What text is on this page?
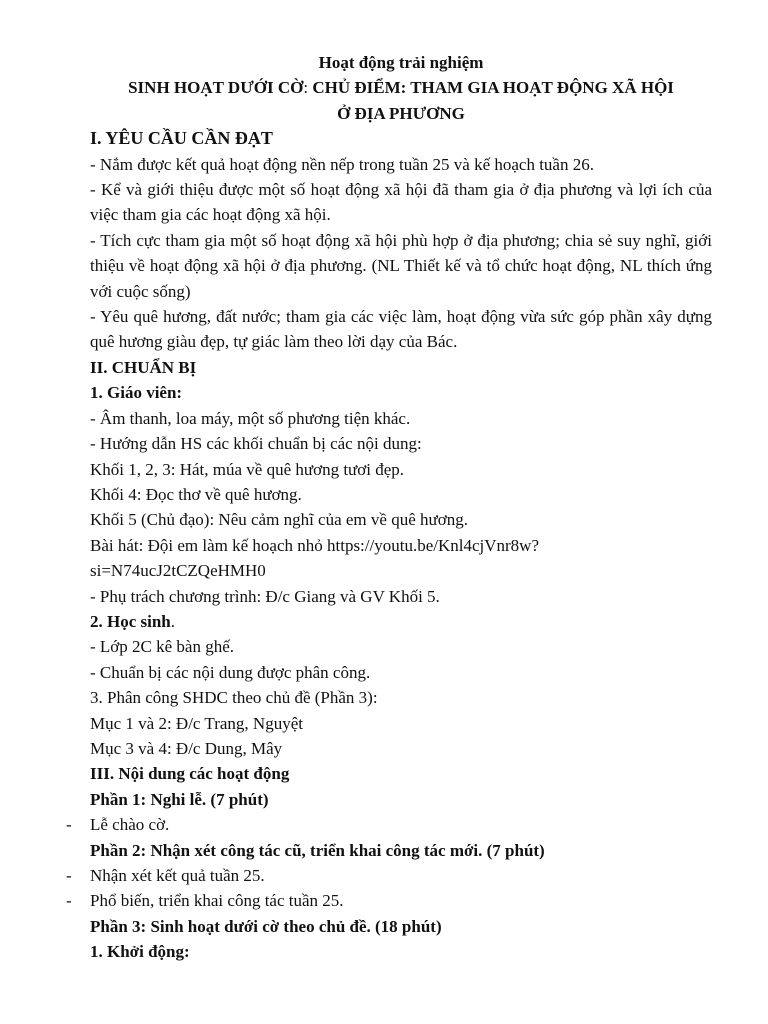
Hoạt động trải nghiệm
SINH HOẠT DƯỚI CỜ: CHỦ ĐIỂM: THAM GIA HOẠT ĐỘNG XÃ HỘI
Ở ĐỊA PHƯƠNG
I. YÊU CẦU CẦN ĐẠT
- Nắm được kết quả hoạt động nền nếp trong tuần 25 và kế hoạch tuần 26.
- Kể và giới thiệu được một số hoạt động xã hội đã tham gia ở địa phương và lợi ích của việc tham gia các hoạt động xã hội.
- Tích cực tham gia một số hoạt động xã hội phù hợp ở địa phương; chia sẻ suy nghĩ, giới thiệu về hoạt động xã hội ở địa phương. (NL Thiết kế và tổ chức hoạt động, NL thích ứng với cuộc sống)
- Yêu quê hương, đất nước; tham gia các việc làm, hoạt động vừa sức góp phần xây dựng quê hương giàu đẹp, tự giác làm theo lời dạy của Bác.
II. CHUẨN BỊ
1. Giáo viên:
- Âm thanh, loa máy, một số phương tiện khác.
- Hướng dẫn HS các khối chuẩn bị các nội dung:
Khối 1, 2, 3: Hát, múa về quê hương tươi đẹp.
Khối 4: Đọc thơ về quê hương.
Khối 5 (Chủ đạo): Nêu cảm nghĩ của em về quê hương.
Bài hát: Đội em làm kế hoạch nhỏ https://youtu.be/Knl4cjVnr8w?
si=N74ucJ2tCZQeHMH0
- Phụ trách chương trình: Đ/c Giang và GV Khối 5.
2. Học sinh.
- Lớp 2C kê bàn ghế.
- Chuẩn bị các nội dung được phân công.
3. Phân công SHDC theo chủ đề (Phần 3):
Mục 1 và 2: Đ/c Trang, Nguyệt
Mục 3 và 4: Đ/c Dung, Mây
III. Nội dung các hoạt động
Phần 1: Nghi lễ. (7 phút)
- Lễ chào cờ.
Phần 2: Nhận xét công tác cũ, triển khai công tác mới. (7 phút)
- Nhận xét kết quả tuần 25.
- Phổ biến, triển khai công tác tuần 25.
Phần 3: Sinh hoạt dưới cờ theo chủ đề. (18 phút)
1. Khởi động:
